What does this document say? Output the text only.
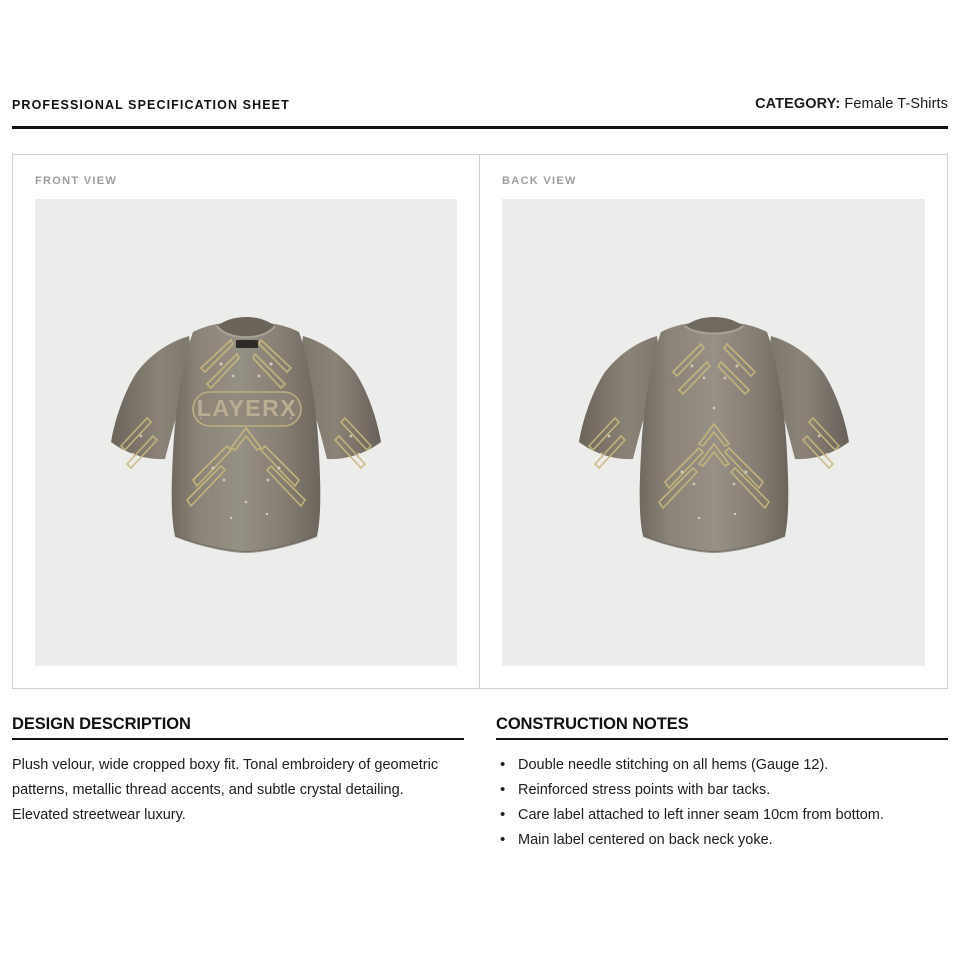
PROFESSIONAL SPECIFICATION SHEET	CATEGORY: Female T-Shirts
FRONT VIEW
LAYERX
BACK VIEW
DESIGN DESCRIPTION
Plush velour, wide cropped boxy fit. Tonal embroidery of geometric patterns, metallic thread accents, and subtle crystal detailing. Elevated streetwear luxury.
CONSTRUCTION NOTES
• Double needle stitching on all hems (Gauge 12).
• Reinforced stress points with bar tacks.
• Care label attached to left inner seam 10cm from bottom.
• Main label centered on back neck yoke.
